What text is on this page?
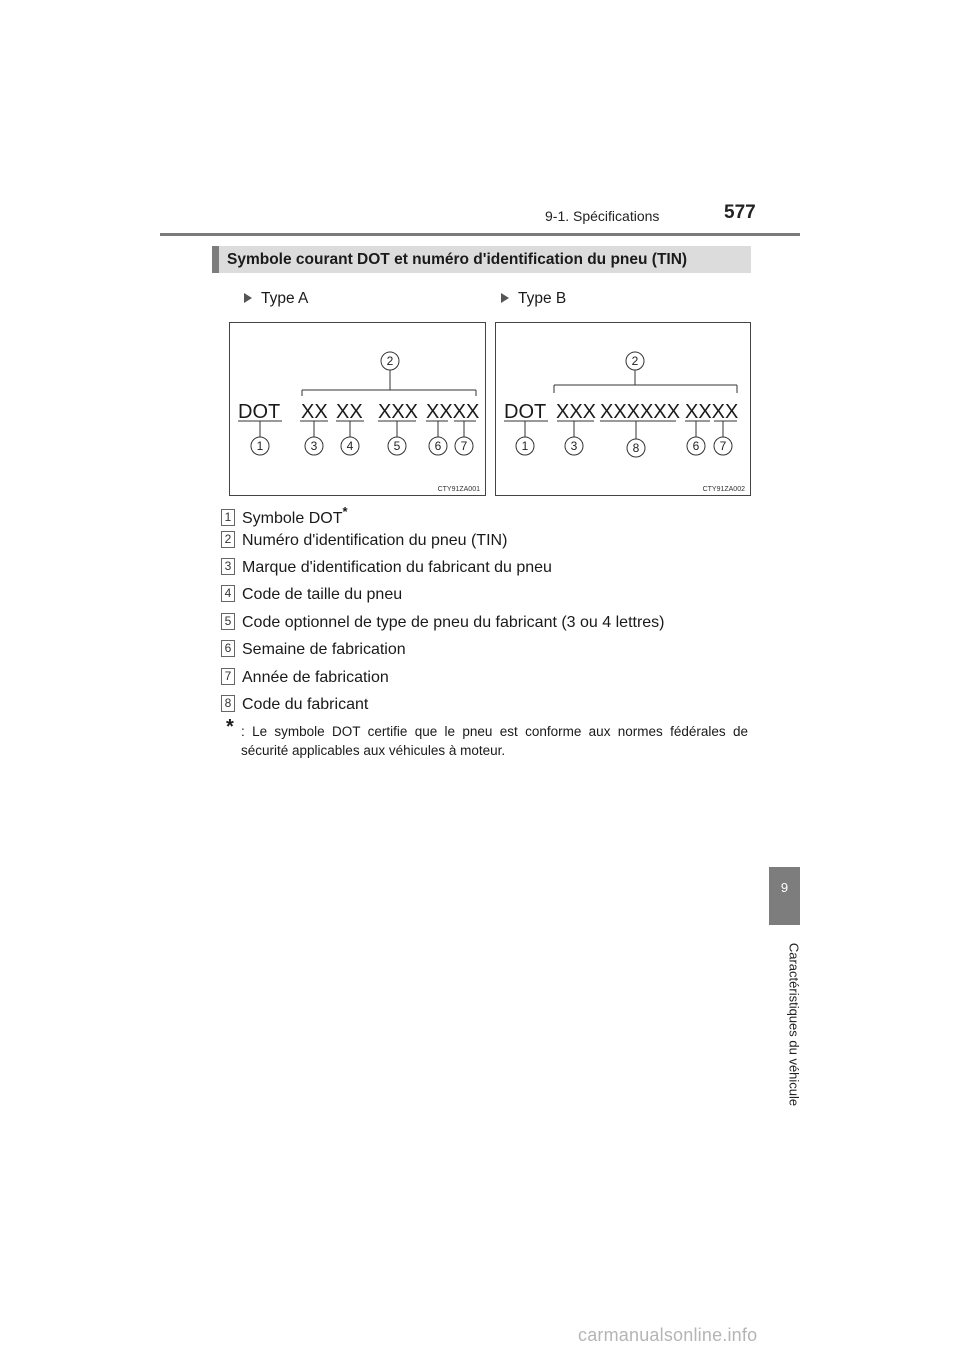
9-1. Spécifications	577
Symbole courant DOT et numéro d'identification du pneu (TIN)
Type A	Type B
DOT XX XX XXX XXXX
2
1	3 4	5	6 7
CTY91ZA001
DOT XXX XXXXXX XXXX
2
1	3	8	6 7
CTY91ZA002
1 Symbole DOT*
2 Numéro d'identification du pneu (TIN)
3 Marque d'identification du fabricant du pneu
4 Code de taille du pneu
5 Code optionnel de type de pneu du fabricant (3 ou 4 lettres)
6 Semaine de fabrication
7 Année de fabrication
8 Code du fabricant
* : Le symbole DOT certifie que le pneu est conforme aux normes fédérales de sécurité applicables aux véhicules à moteur.
9
Caractéristiques du véhicule
carmanualsonline.info
